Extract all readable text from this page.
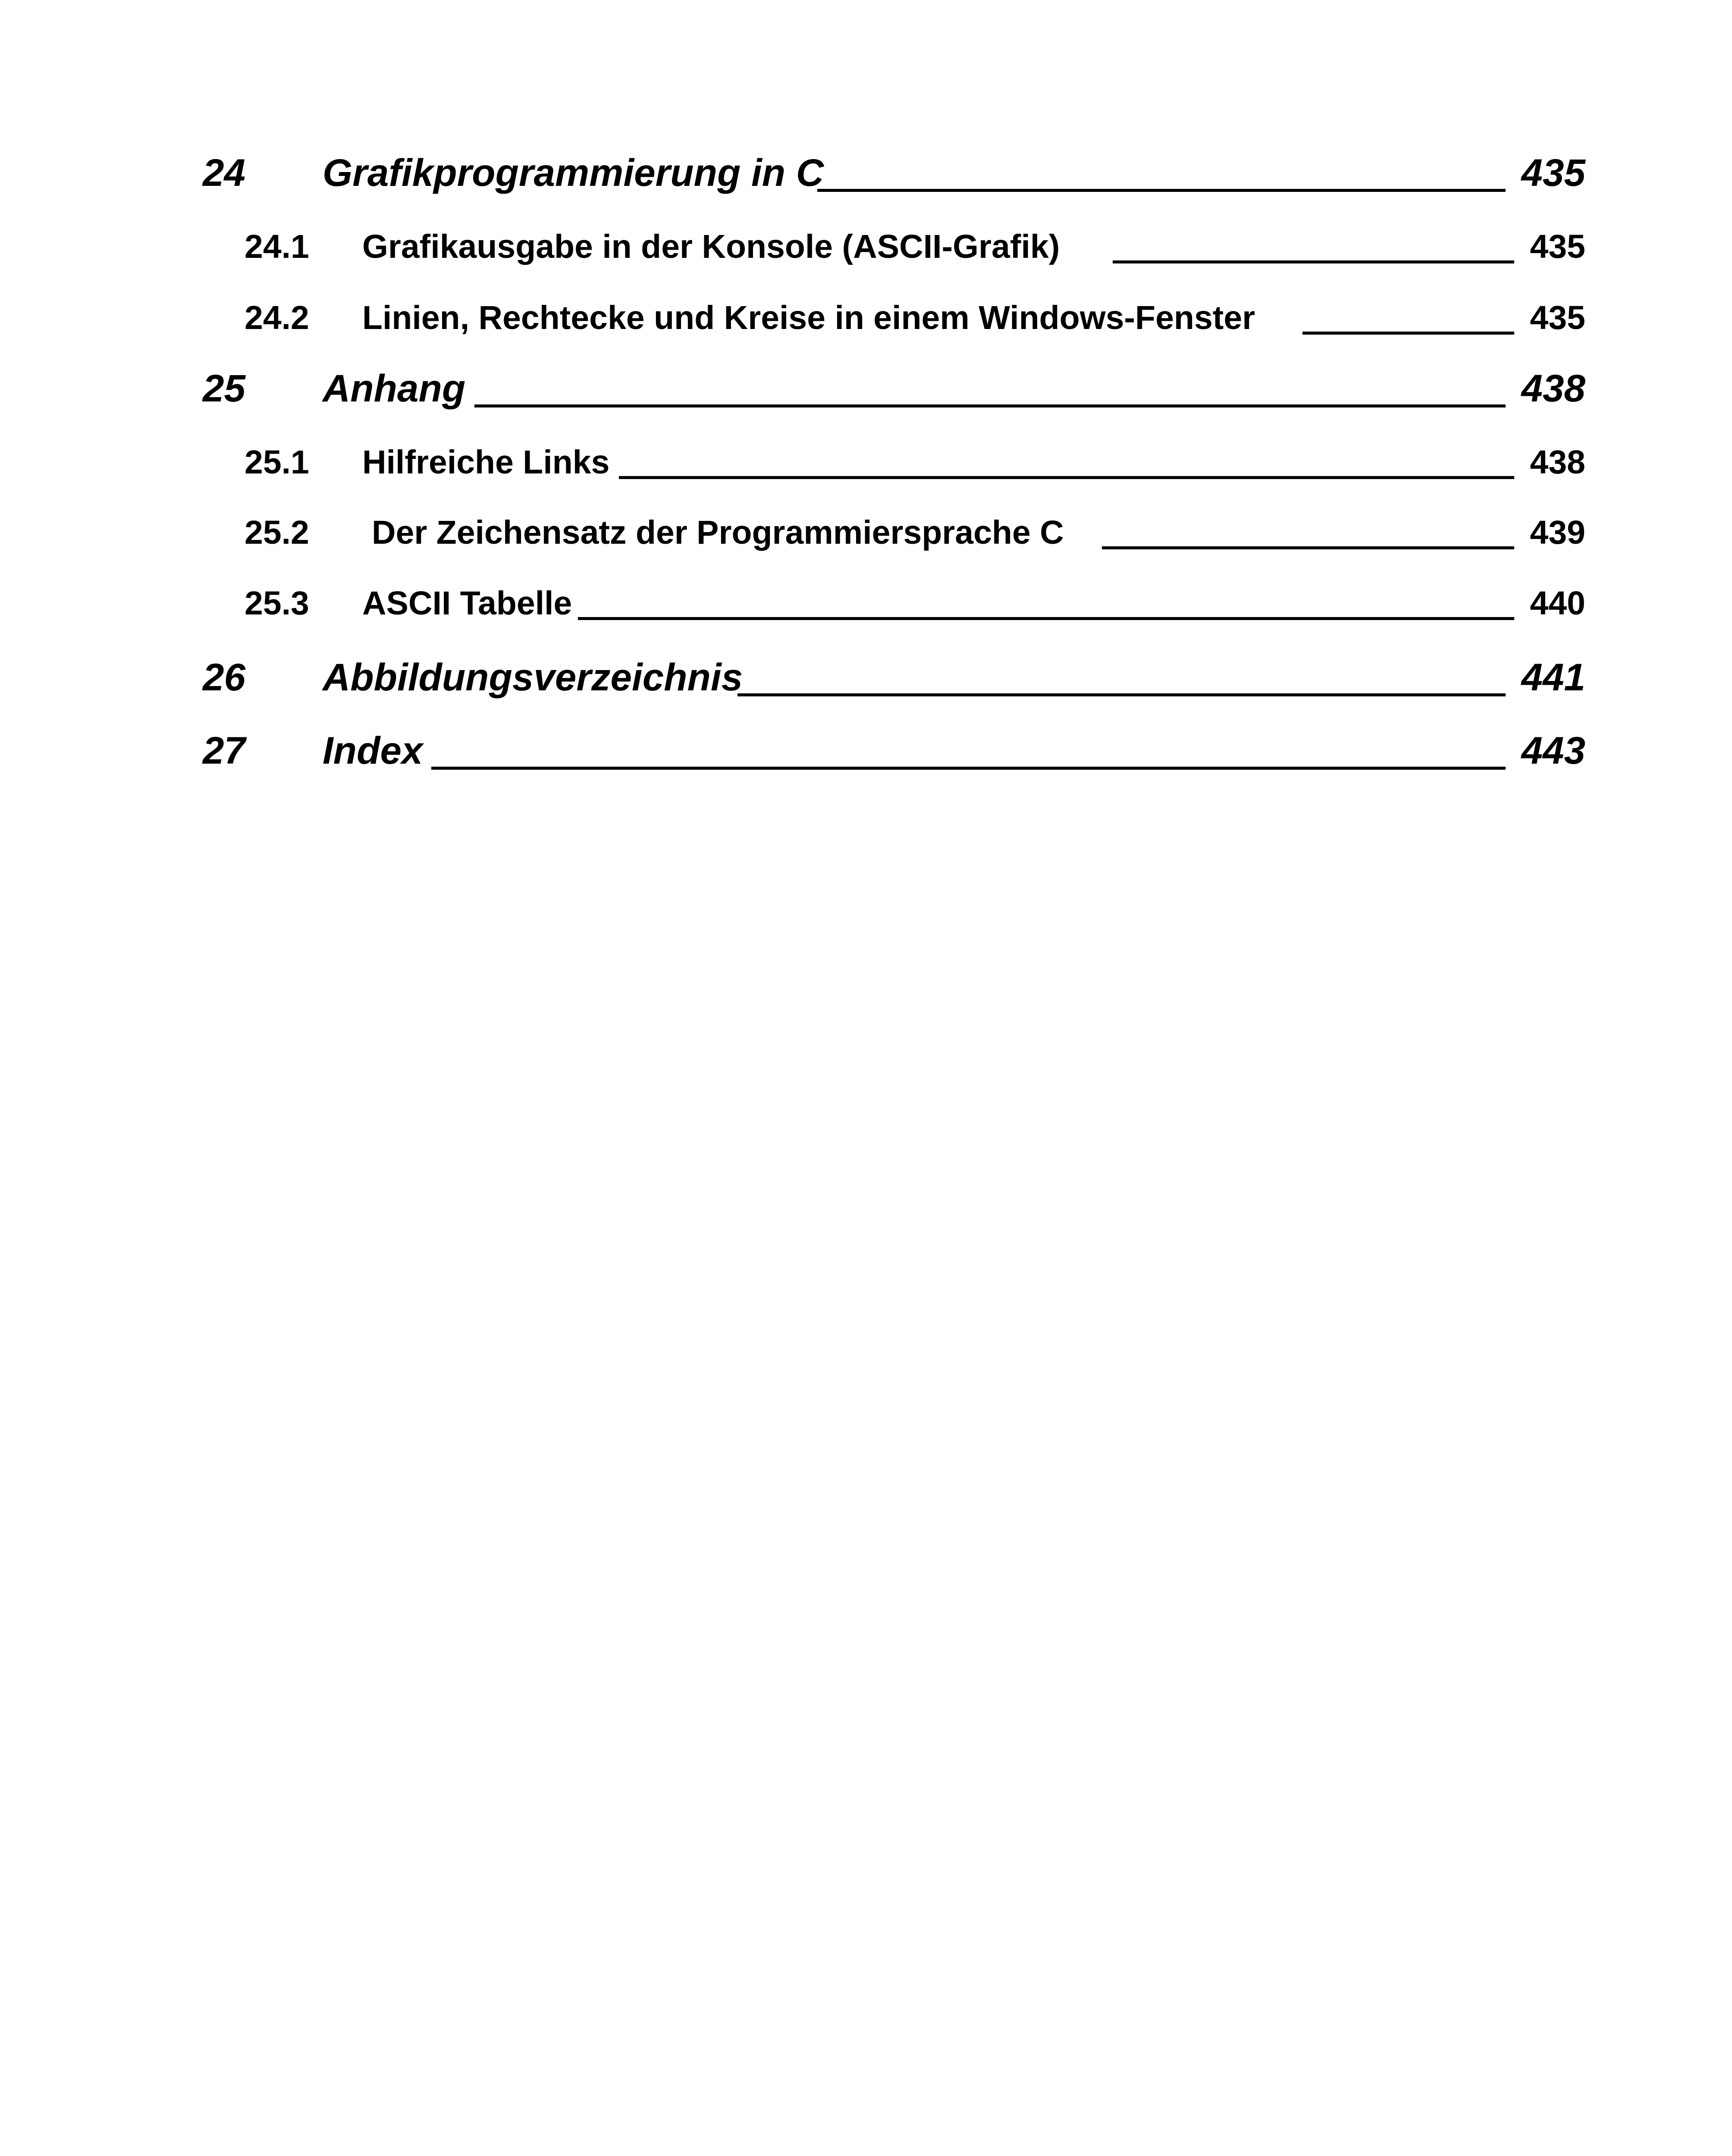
24 Grafikprogrammierung in C	435
24.1 Grafikausgabe in der Konsole (ASCII-Grafik)	435
24.2 Linien, Rechtecke und Kreise in einem Windows-Fenster	435
25 Anhang	438
25.1 Hilfreiche Links	438
25.2 Der Zeichensatz der Programmiersprache C	439
25.3 ASCII Tabelle	440
26 Abbildungsverzeichnis	441
27 Index	443
